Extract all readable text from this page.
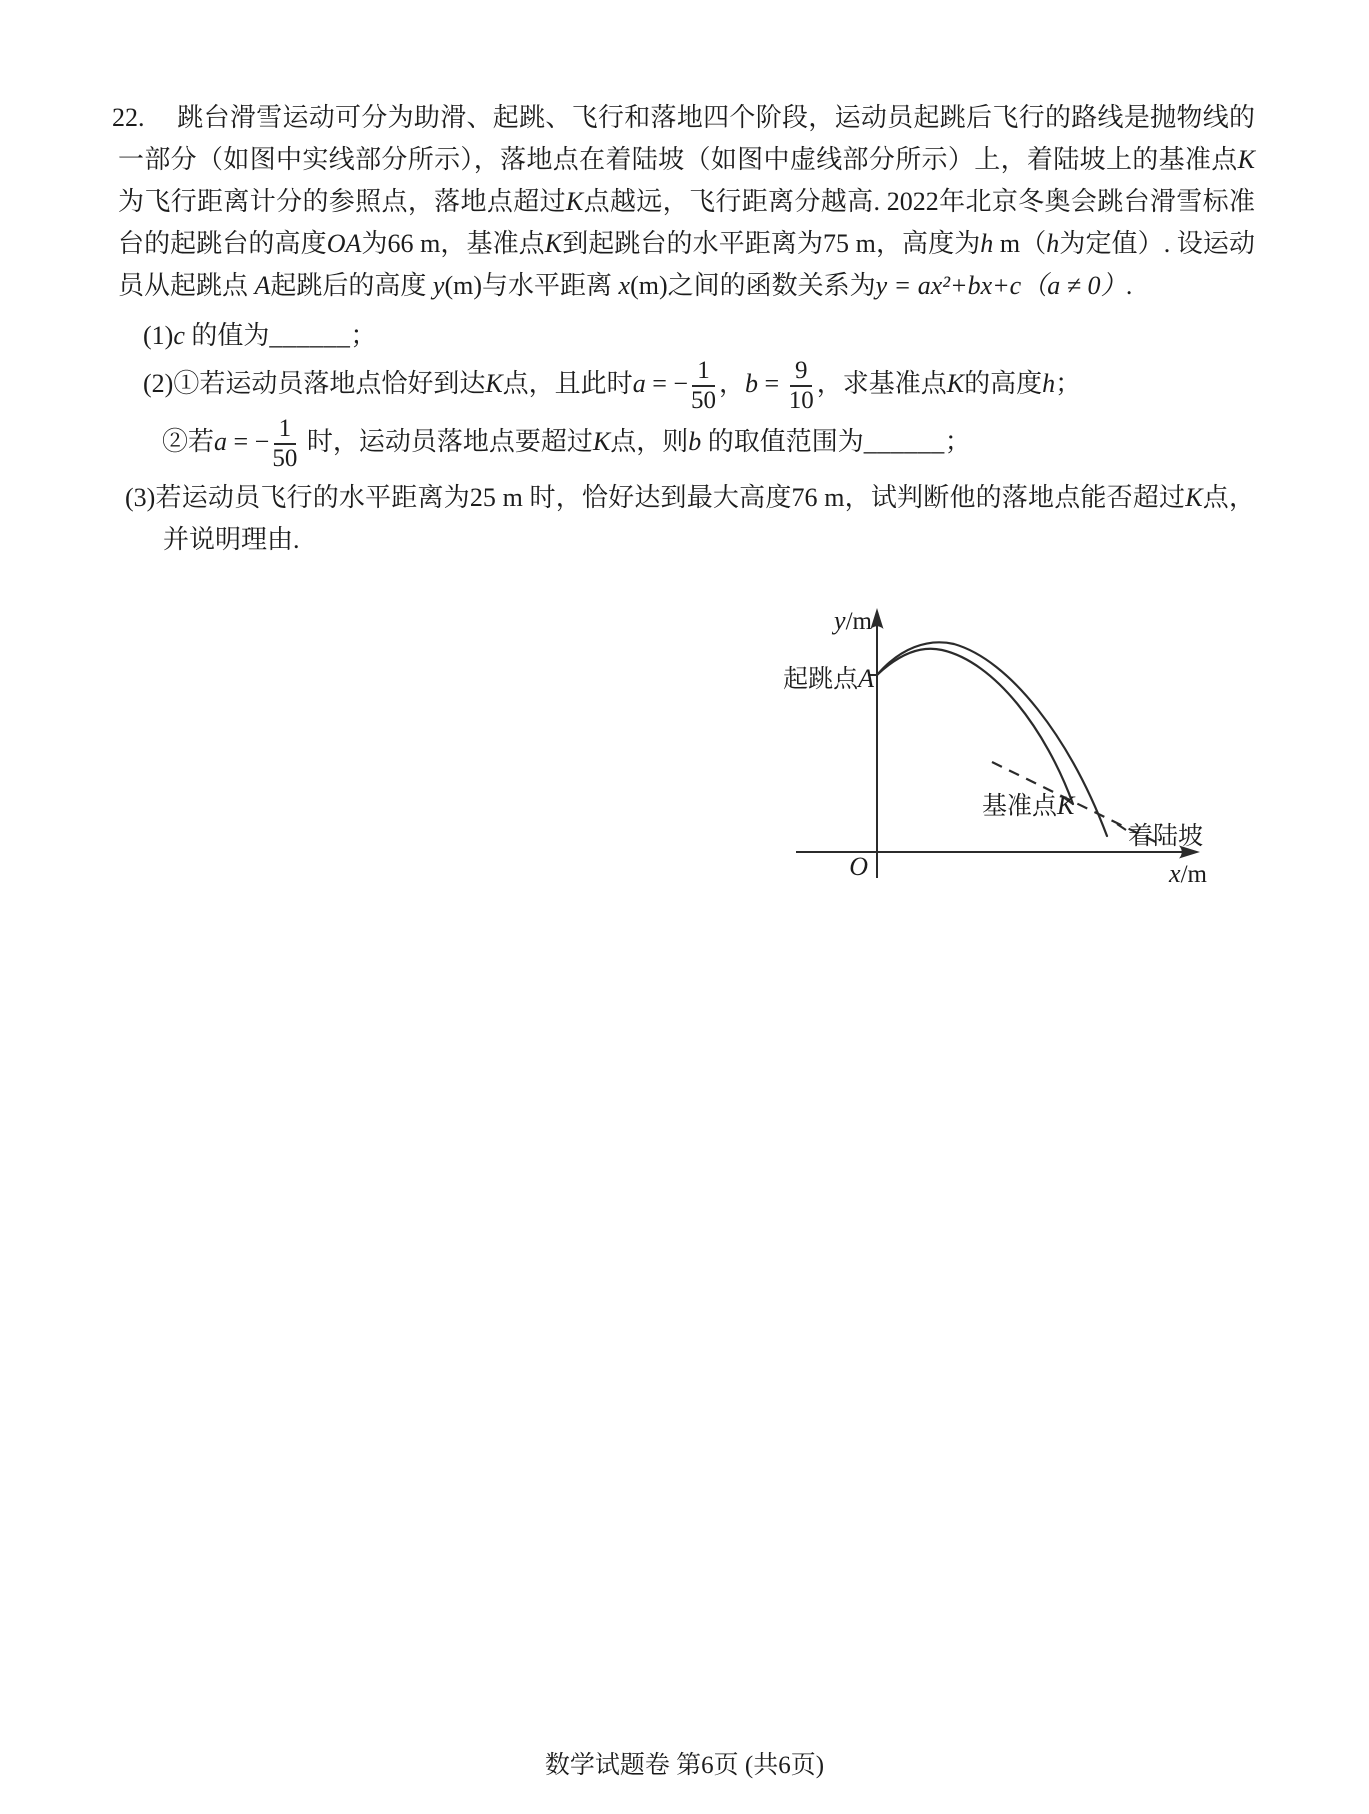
22. 跳台滑雪运动可分为助滑、起跳、飞行和落地四个阶段，运动员起跳后飞行的路线是抛物线的一部分（如图中实线部分所示），落地点在着陆坡（如图中虚线部分所示）上，着陆坡上的基准点K为飞行距离计分的参照点，落地点超过K点越远，飞行距离分越高. 2022年北京冬奥会跳台滑雪标准台的起跳台的高度OA为66 m，基准点K到起跳台的水平距离为75 m，高度为h m（h为定值）. 设运动员从起跳点 A起跳后的高度 y(m)与水平距离 x(m)之间的函数关系为y = ax²+bx+c（a ≠ 0）.

(1)c 的值为______；

(2)①若运动员落地点恰好到达K点，且此时a = − $\frac{1}{50}$ ，$b = \frac{9}{10}$ ，求基准点K的高度h；

②若a = − $\frac{1}{50}$ 时，运动员落地点要超过K点，则b 的取值范围为______；

(3)若运动员飞行的水平距离为25 m 时，恰好达到最大高度76 m，试判断他的落地点能否超过K点，并说明理由.

y/m
x/m
O
起跳点A
基准点K
着陆坡
数学试题卷 第6页 (共6页)
